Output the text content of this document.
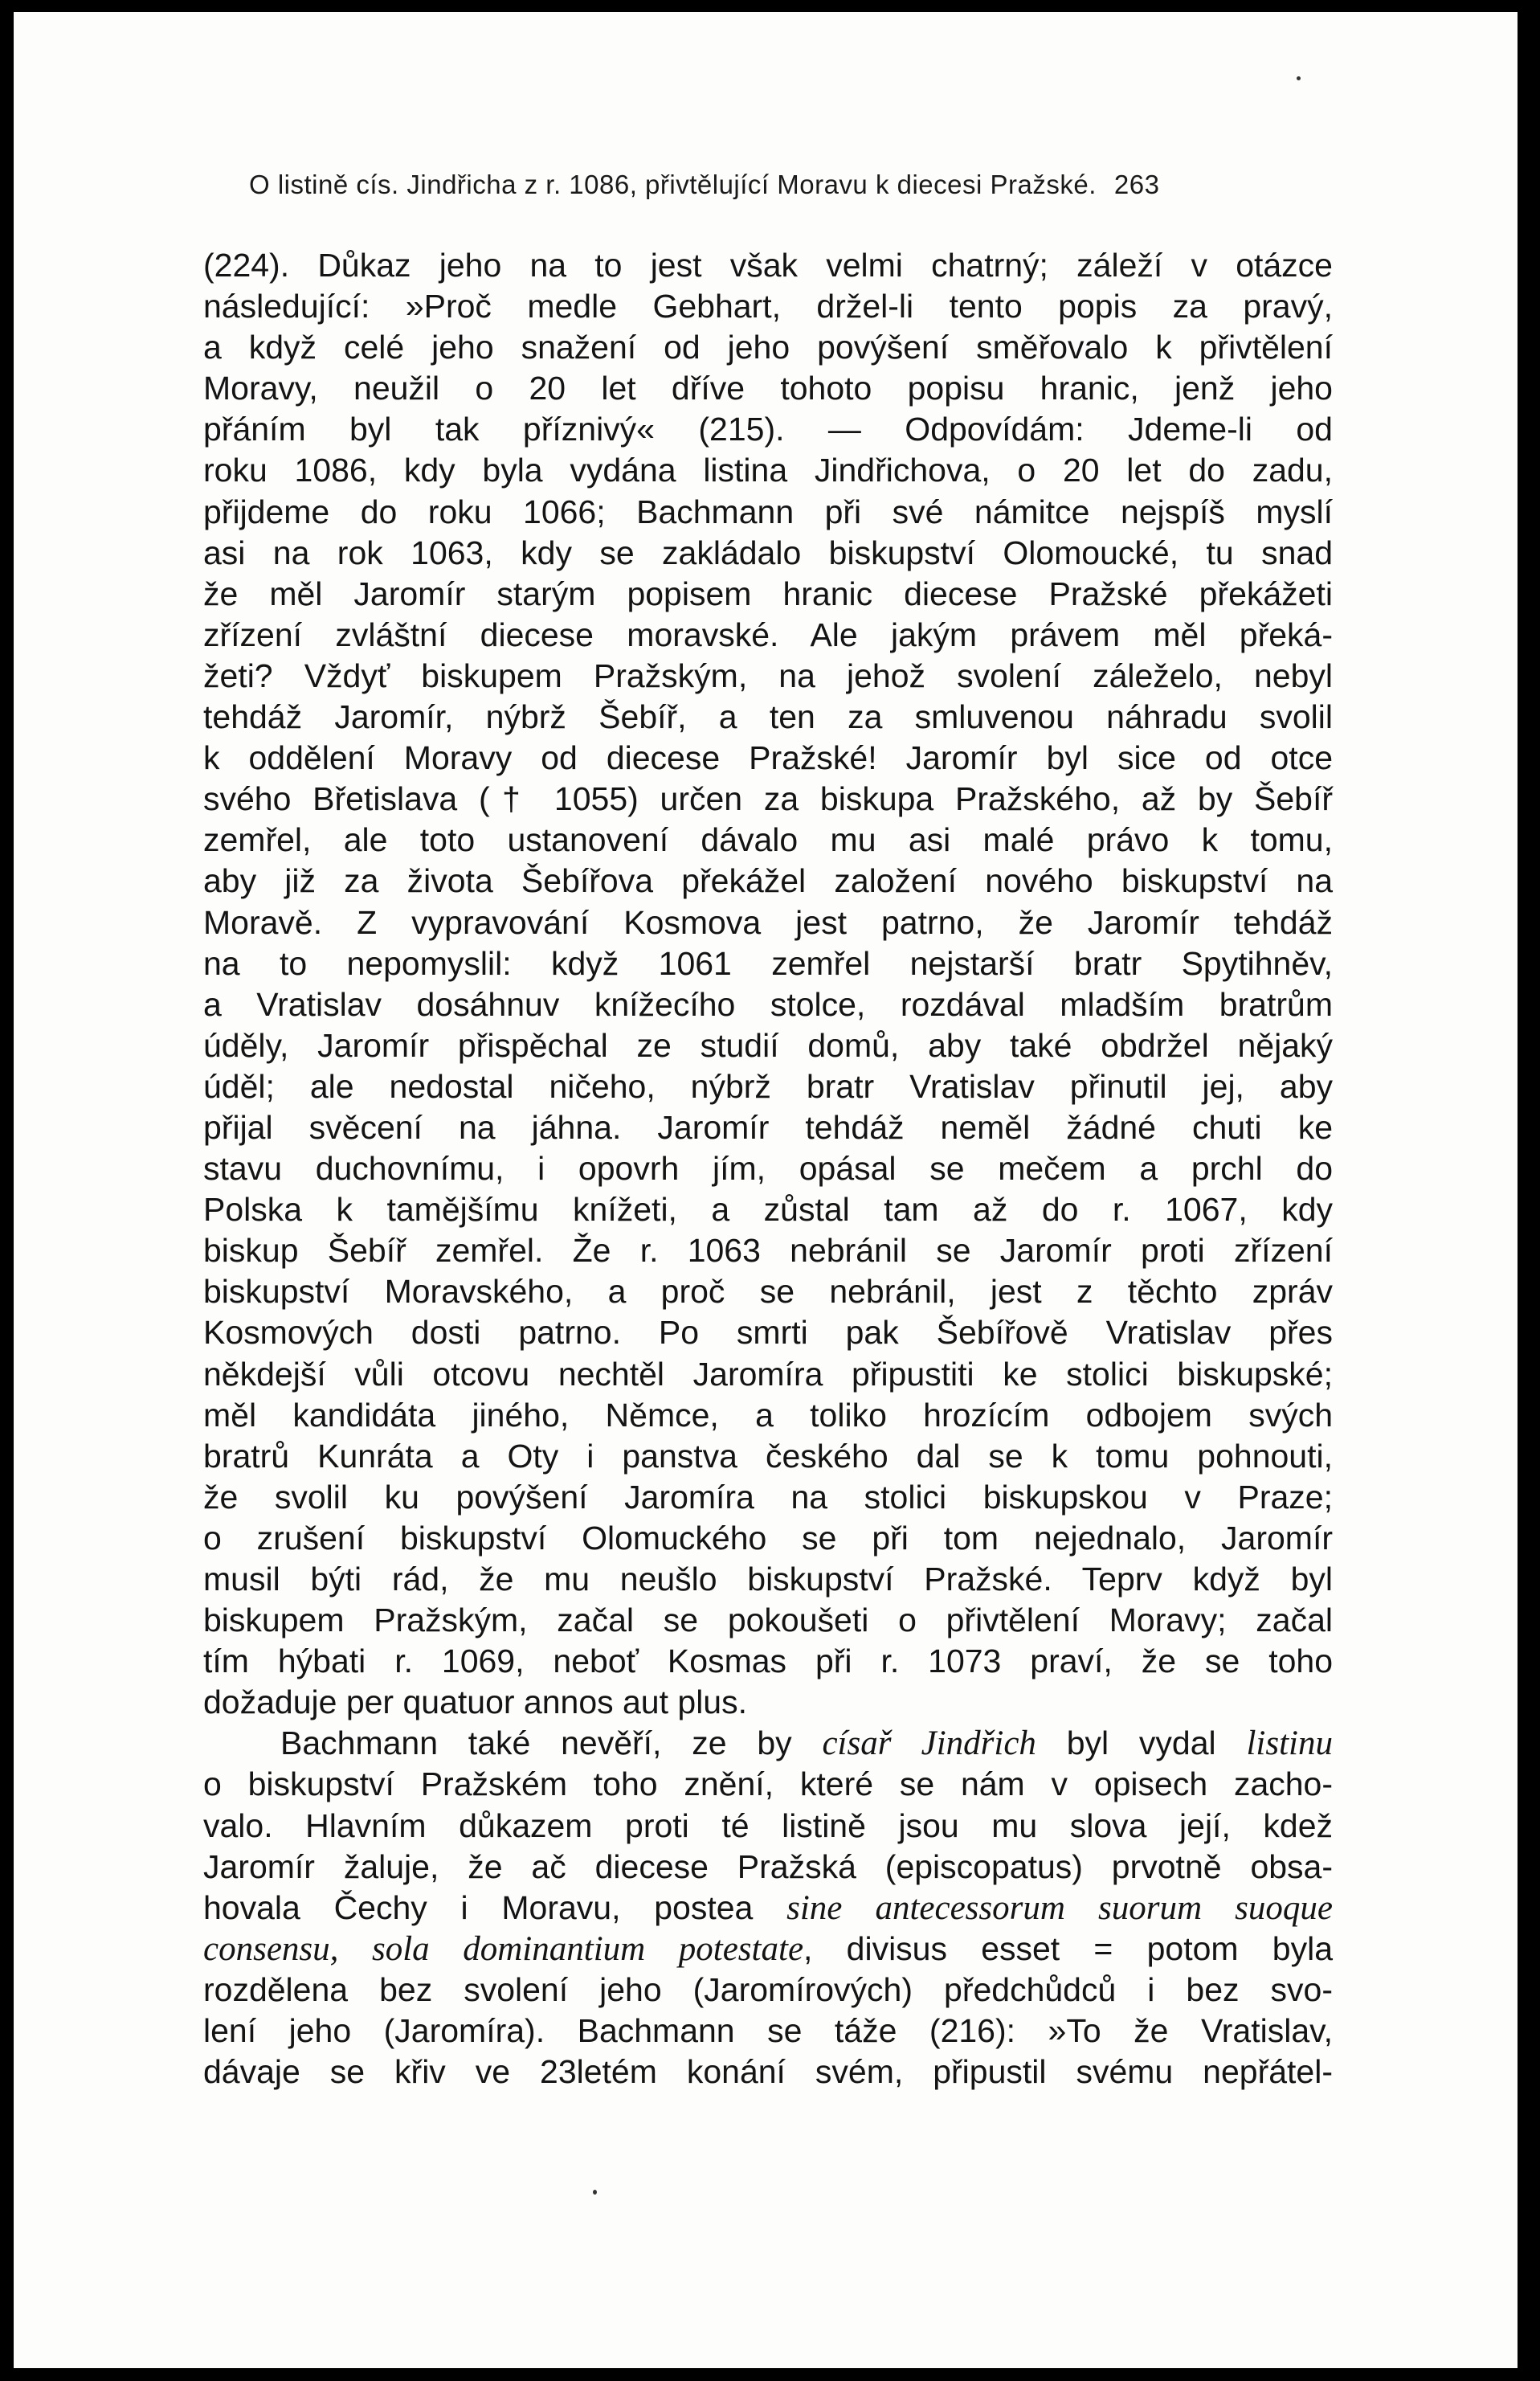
O listině cís. Jindřicha z r. 1086, přivtělující Moravu k diecesi Pražské. 263
(224). Důkaz jeho na to jest však velmi chatrný; záleží v otázce
následující: »Proč medle Gebhart, držel-li tento popis za pravý,
a když celé jeho snažení od jeho povýšení směřovalo k přivtělení
Moravy, neužil o 20 let dříve tohoto popisu hranic, jenž jeho
přáním byl tak příznivý« (215). — Odpovídám: Jdeme-li od
roku 1086, kdy byla vydána listina Jindřichova, o 20 let do zadu,
přijdeme do roku 1066; Bachmann při své námitce nejspíš myslí
asi na rok 1063, kdy se zakládalo biskupství Olomoucké, tu snad
že měl Jaromír starým popisem hranic diecese Pražské překážeti
zřízení zvláštní diecese moravské. Ale jakým právem měl překá-
žeti? Vždyť biskupem Pražským, na jehož svolení záleželo, nebyl
tehdáž Jaromír, nýbrž Šebíř, a ten za smluvenou náhradu svolil
k oddělení Moravy od diecese Pražské! Jaromír byl sice od otce
svého Břetislava († 1055) určen za biskupa Pražského, až by Šebíř
zemřel, ale toto ustanovení dávalo mu asi malé právo k tomu,
aby již za života Šebířova překážel založení nového biskupství na
Moravě. Z vypravování Kosmova jest patrno, že Jaromír tehdáž
na to nepomyslil: když 1061 zemřel nejstarší bratr Spytihněv,
a Vratislav dosáhnuv knížecího stolce, rozdával mladším bratrům
úděly, Jaromír přispěchal ze studií domů, aby také obdržel nějaký
úděl; ale nedostal ničeho, nýbrž bratr Vratislav přinutil jej, aby
přijal svěcení na jáhna. Jaromír tehdáž neměl žádné chuti ke
stavu duchovnímu, i opovrh jím, opásal se mečem a prchl do
Polska k tamějšímu knížeti, a zůstal tam až do r. 1067, kdy
biskup Šebíř zemřel. Že r. 1063 nebránil se Jaromír proti zřízení
biskupství Moravského, a proč se nebránil, jest z těchto zpráv
Kosmových dosti patrno. Po smrti pak Šebířově Vratislav přes
někdejší vůli otcovu nechtěl Jaromíra připustiti ke stolici biskupské;
měl kandidáta jiného, Němce, a toliko hrozícím odbojem svých
bratrů Kunráta a Oty i panstva českého dal se k tomu pohnouti,
že svolil ku povýšení Jaromíra na stolici biskupskou v Praze;
o zrušení biskupství Olomuckého se při tom nejednalo, Jaromír
musil býti rád, že mu neušlo biskupství Pražské. Teprv když byl
biskupem Pražským, začal se pokoušeti o přivtělení Moravy; začal
tím hýbati r. 1069, neboť Kosmas při r. 1073 praví, že se toho
dožaduje per quatuor annos aut plus.
Bachmann také nevěří, ze by císař Jindřich byl vydal listinu
o biskupství Pražském toho znění, které se nám v opisech zacho-
valo. Hlavním důkazem proti té listině jsou mu slova její, kdež
Jaromír žaluje, že ač diecese Pražská (episcopatus) prvotně obsa-
hovala Čechy i Moravu, postea sine antecessorum suorum suoque
consensu, sola dominantium potestate, divisus esset = potom byla
rozdělena bez svolení jeho (Jaromírových) předchůdců i bez svo-
lení jeho (Jaromíra). Bachmann se táže (216): »To že Vratislav,
dávaje se křiv ve 23letém konání svém, připustil svému nepřátel-
